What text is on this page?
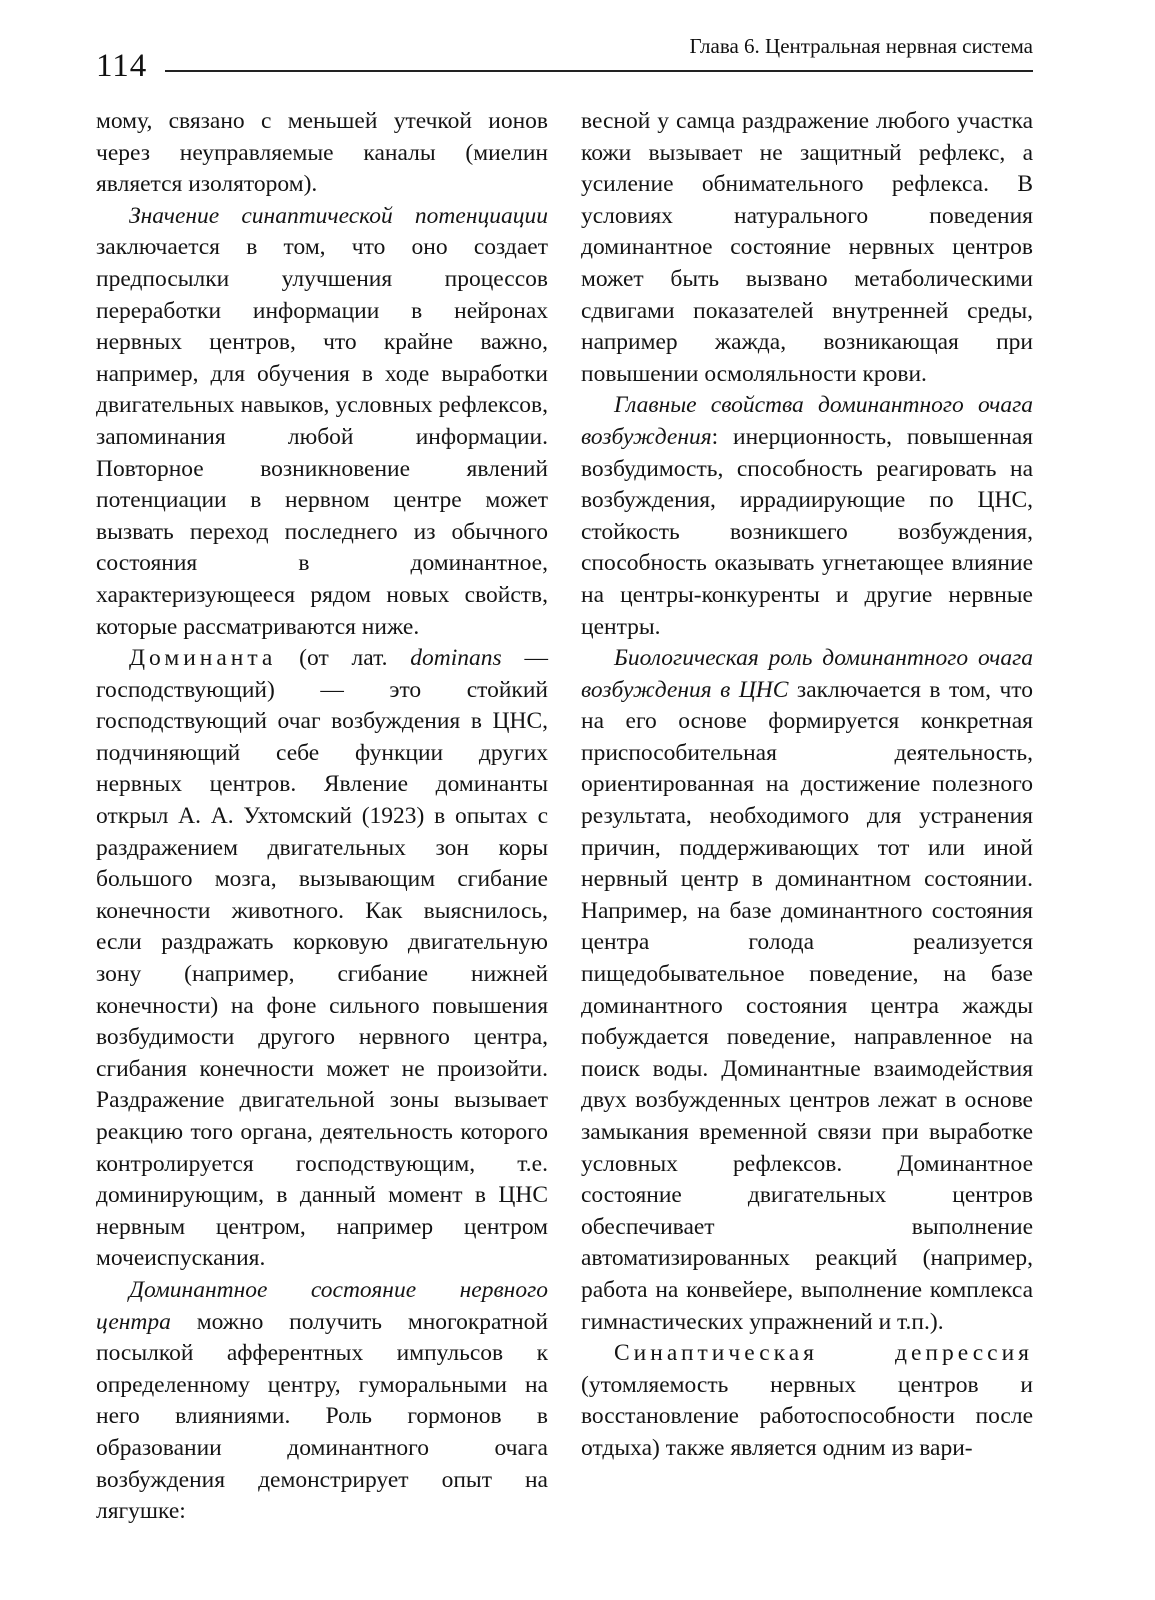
114
Глава 6. Центральная нервная система

мому, связано с меньшей утечкой ионов через неуправляемые каналы (миелин является изолятором).

Значение синаптической потенциации заключается в том, что оно создает предпосылки улучшения процессов переработки информации в нейронах нервных центров, что крайне важно, например, для обучения в ходе выработки двигательных навыков, условных рефлексов, запоминания любой информации. Повторное возникновение явлений потенциации в нервном центре может вызвать переход последнего из обычного состояния в доминантное, характеризующееся рядом новых свойств, которые рассматриваются ниже.

Доминанта (от лат. dominans — господствующий) — это стойкий господствующий очаг возбуждения в ЦНС, подчиняющий себе функции других нервных центров. Явление доминанты открыл А. А. Ухтомский (1923) в опытах с раздражением двигательных зон коры большого мозга, вызывающим сгибание конечности животного. Как выяснилось, если раздражать корковую двигательную зону (например, сгибание нижней конечности) на фоне сильного повышения возбудимости другого нервного центра, сгибания конечности может не произойти. Раздражение двигательной зоны вызывает реакцию того органа, деятельность которого контролируется господствующим, т.е. доминирующим, в данный момент в ЦНС нервным центром, например центром мочеиспускания.

Доминантное состояние нервного центра можно получить многократной посылкой афферентных импульсов к определенному центру, гуморальными на него влияниями. Роль гормонов в образовании доминантного очага возбуждения демонстрирует опыт на лягушке:

весной у самца раздражение любого участка кожи вызывает не защитный рефлекс, а усиление обнимательного рефлекса. В условиях натурального поведения доминантное состояние нервных центров может быть вызвано метаболическими сдвигами показателей внутренней среды, например жажда, возникающая при повышении осмоляльности крови.

Главные свойства доминантного очага возбуждения: инерционность, повышенная возбудимость, способность реагировать на возбуждения, иррадиирующие по ЦНС, стойкость возникшего возбуждения, способность оказывать угнетающее влияние на центры-конкуренты и другие нервные центры.

Биологическая роль доминантного очага возбуждения в ЦНС заключается в том, что на его основе формируется конкретная приспособительная деятельность, ориентированная на достижение полезного результата, необходимого для устранения причин, поддерживающих тот или иной нервный центр в доминантном состоянии. Например, на базе доминантного состояния центра голода реализуется пищедобывательное поведение, на базе доминантного состояния центра жажды побуждается поведение, направленное на поиск воды. Доминантные взаимодействия двух возбужденных центров лежат в основе замыкания временной связи при выработке условных рефлексов. Доминантное состояние двигательных центров обеспечивает выполнение автоматизированных реакций (например, работа на конвейере, выполнение комплекса гимнастических упражнений и т.п.).

Синаптическая депрессия (утомляемость нервных центров и восстановление работоспособности после отдыха) также является одним из вари-
